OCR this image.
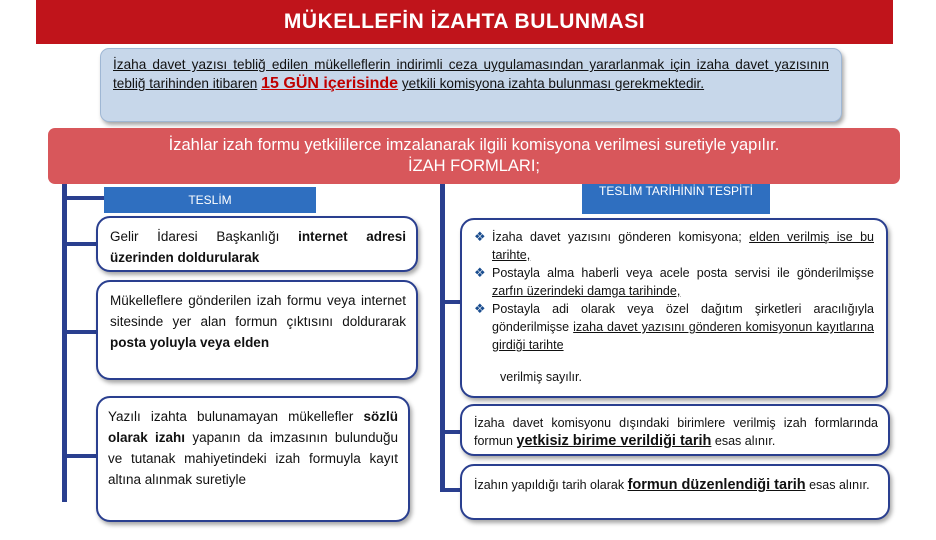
MÜKELLEFİN İZAHTA BULUNMASI
İzaha davet yazısı tebliğ edilen mükelleflerin indirimli ceza uygulamasından yararlanmak için izaha davet yazısının tebliğ tarihinden itibaren 15 GÜN içerisinde yetkili komisyona izahta bulunması gerekmektedir.
İzahlar izah formu yetkililerce imzalanarak ilgili komisyona verilmesi suretiyle yapılır.
İZAH FORMLARI;
TESLİM
Gelir İdaresi Başkanlığı internet adresi üzerinden doldurularak
Mükelleflere gönderilen izah formu veya internet sitesinde yer alan formun çıktısını doldurarak posta yoluyla veya elden
Yazılı izahta bulunamayan mükellefler sözlü olarak izahı yapanın da imzasının bulunduğu ve tutanak mahiyetindeki izah formuyla kayıt altına alınmak suretiyle
TESLİM TARİHİNİN TESPİTİ
❖ İzaha davet yazısını gönderen komisyona; elden verilmiş ise bu tarihte,
❖ Postayla alma haberli veya acele posta servisi ile gönderilmişse zarfın üzerindeki damga tarihinde,
❖ Postayla adi olarak veya özel dağıtım şirketleri aracılığıyla gönderilmişse izaha davet yazısını gönderen komisyonun kayıtlarına girdiği tarihte
verilmiş sayılır.
İzaha davet komisyonu dışındaki birimlere verilmiş izah formlarında formun yetkisiz birime verildiği tarih esas alınır.
İzahın yapıldığı tarih olarak formun düzenlendiği tarih esas alınır.
